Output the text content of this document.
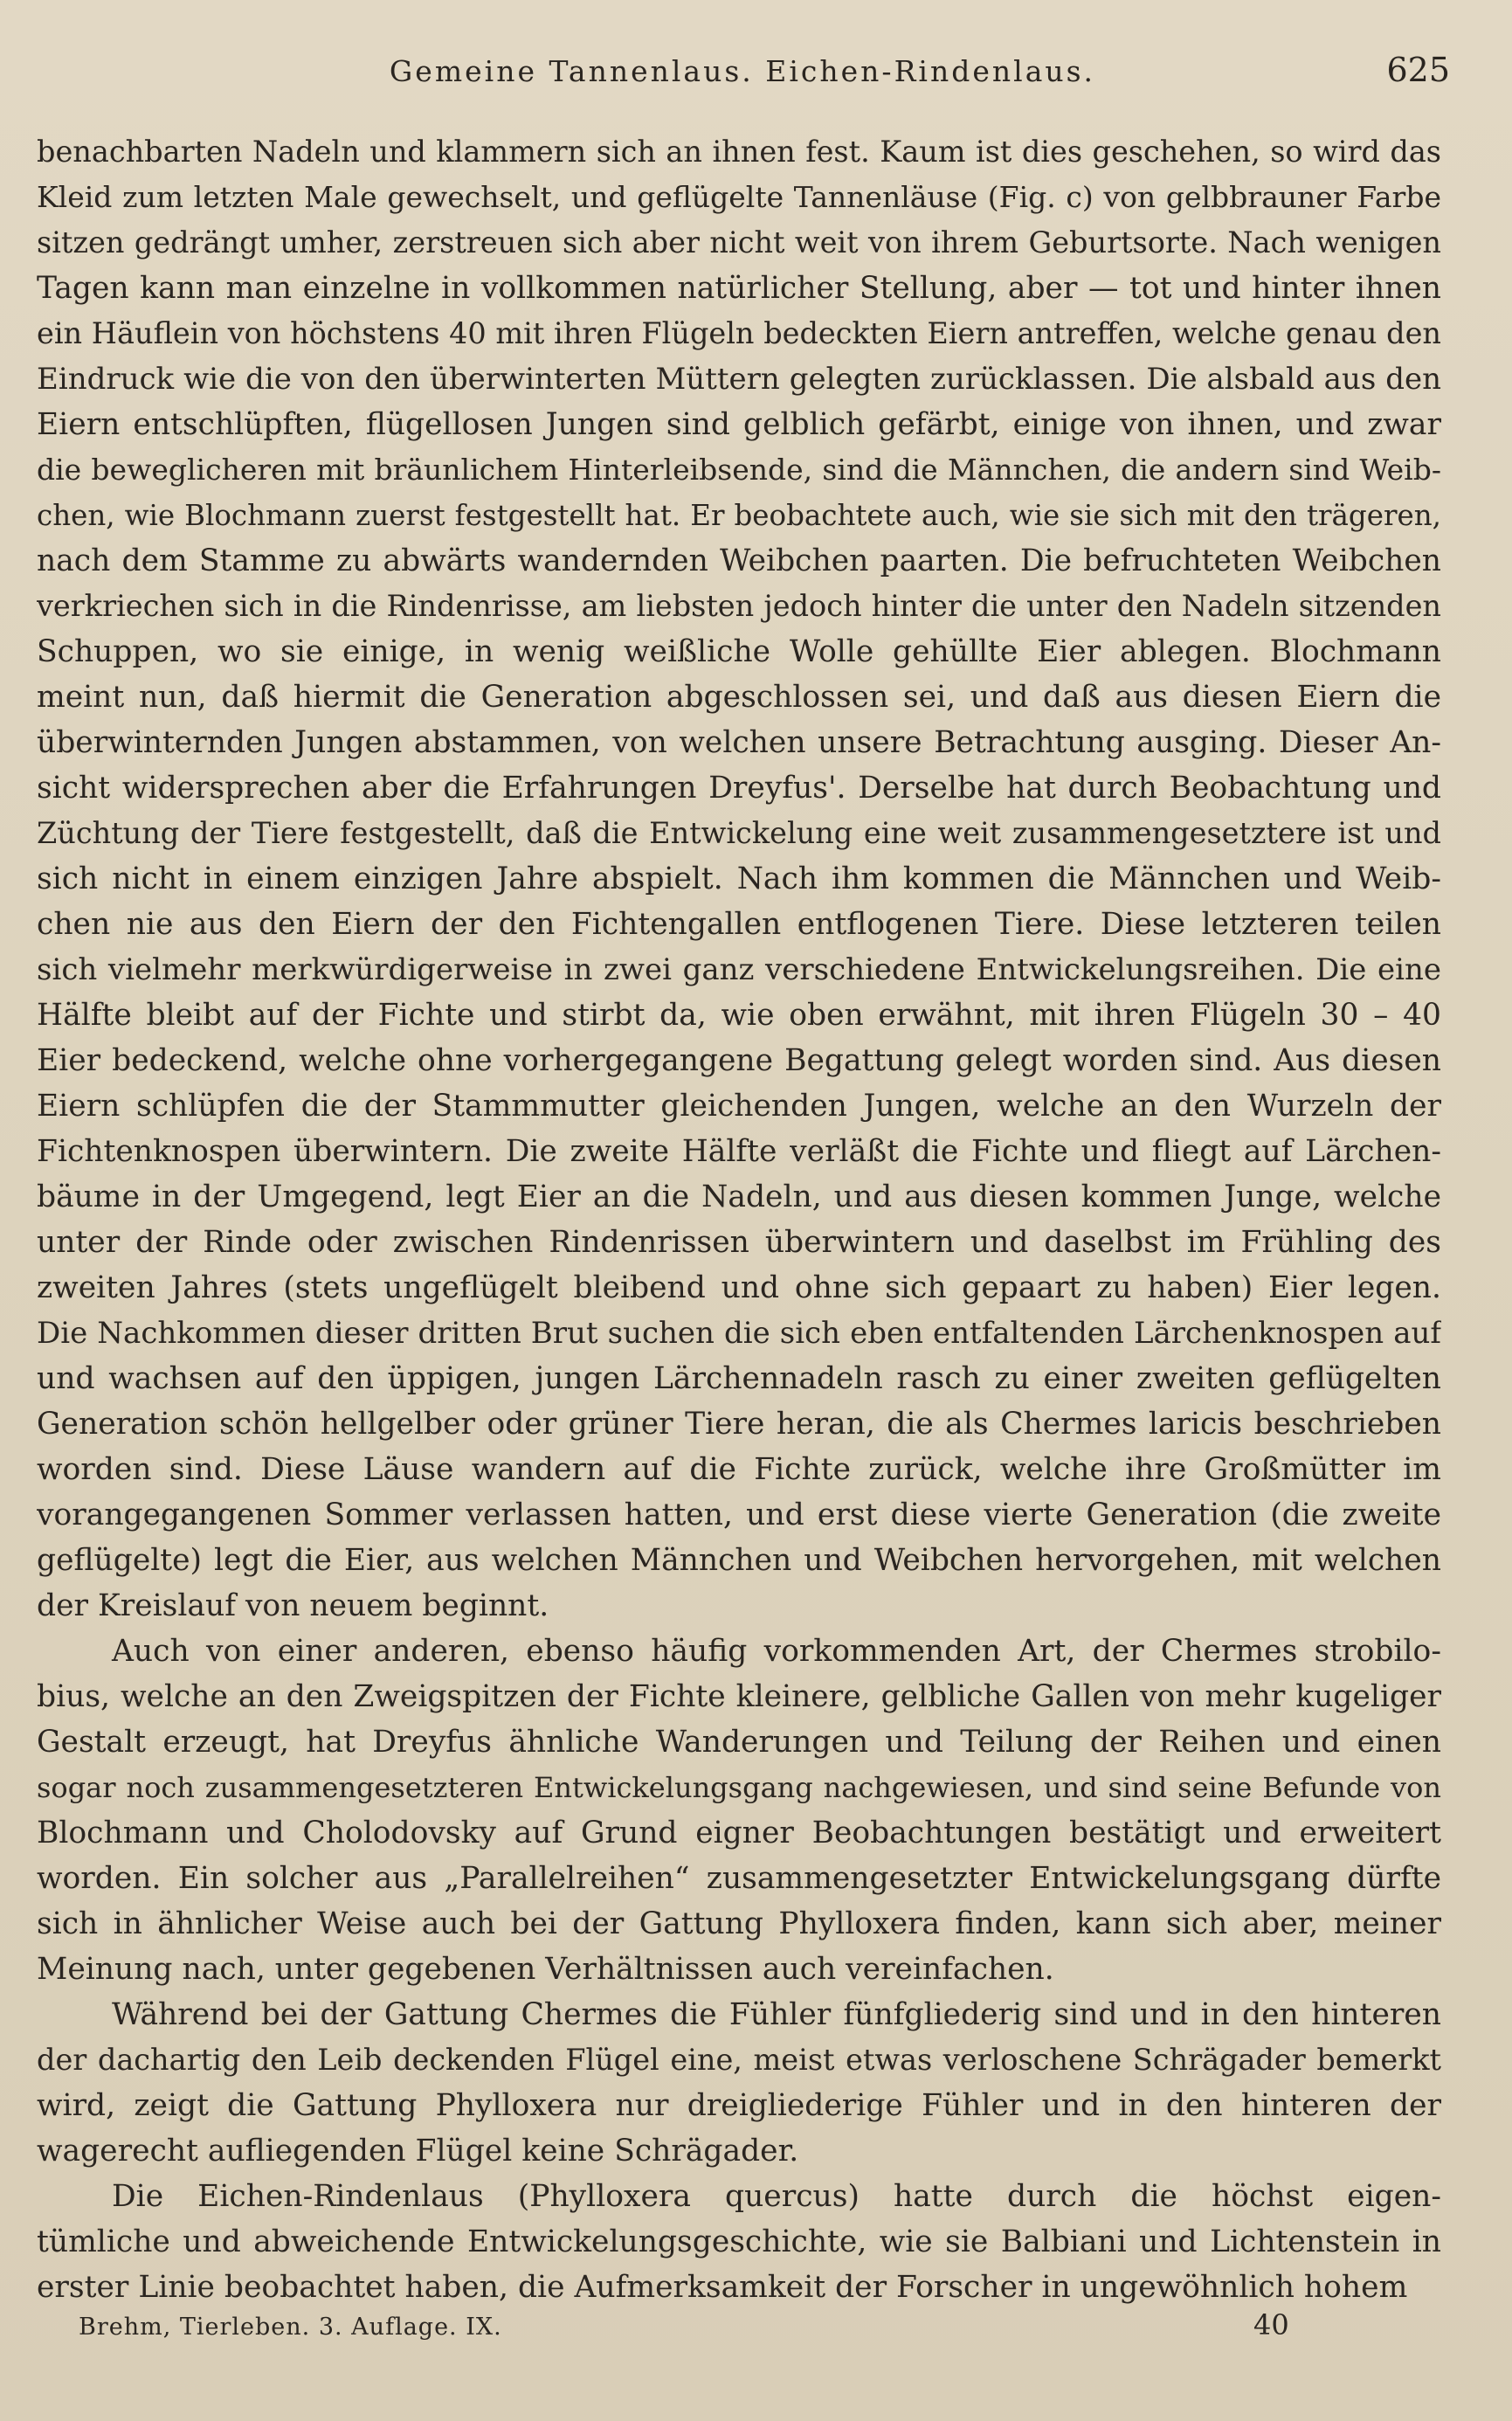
Gemeine Tannenlaus. Eichen-Rindenlaus.	625
benachbarten Nadeln und klammern sich an ihnen fest. Kaum ist dies geschehen, so wird das
Kleid zum letzten Male gewechselt, und geflügelte Tannenläuse (Fig. c) von gelbbrauner Farbe
sitzen gedrängt umher, zerstreuen sich aber nicht weit von ihrem Geburtsorte. Nach wenigen
Tagen kann man einzelne in vollkommen natürlicher Stellung, aber — tot und hinter ihnen
ein Häuflein von höchstens 40 mit ihren Flügeln bedeckten Eiern antreffen, welche genau den
Eindruck wie die von den überwinterten Müttern gelegten zurücklassen. Die alsbald aus den
Eiern entschlüpften, flügellosen Jungen sind gelblich gefärbt, einige von ihnen, und zwar
die beweglicheren mit bräunlichem Hinterleibsende, sind die Männchen, die andern sind Weib-
chen, wie Blochmann zuerst festgestellt hat. Er beobachtete auch, wie sie sich mit den trägeren,
nach dem Stamme zu abwärts wandernden Weibchen paarten. Die befruchteten Weibchen
verkriechen sich in die Rindenrisse, am liebsten jedoch hinter die unter den Nadeln sitzenden
Schuppen, wo sie einige, in wenig weißliche Wolle gehüllte Eier ablegen. Blochmann
meint nun, daß hiermit die Generation abgeschlossen sei, und daß aus diesen Eiern die
überwinternden Jungen abstammen, von welchen unsere Betrachtung ausging. Dieser An-
sicht widersprechen aber die Erfahrungen Dreyfus'. Derselbe hat durch Beobachtung und
Züchtung der Tiere festgestellt, daß die Entwickelung eine weit zusammengesetztere ist und
sich nicht in einem einzigen Jahre abspielt. Nach ihm kommen die Männchen und Weib-
chen nie aus den Eiern der den Fichtengallen entflogenen Tiere. Diese letzteren teilen
sich vielmehr merkwürdigerweise in zwei ganz verschiedene Entwickelungsreihen. Die eine
Hälfte bleibt auf der Fichte und stirbt da, wie oben erwähnt, mit ihren Flügeln 30 – 40
Eier bedeckend, welche ohne vorhergegangene Begattung gelegt worden sind. Aus diesen
Eiern schlüpfen die der Stammmutter gleichenden Jungen, welche an den Wurzeln der
Fichtenknospen überwintern. Die zweite Hälfte verläßt die Fichte und fliegt auf Lärchen-
bäume in der Umgegend, legt Eier an die Nadeln, und aus diesen kommen Junge, welche
unter der Rinde oder zwischen Rindenrissen überwintern und daselbst im Frühling des
zweiten Jahres (stets ungeflügelt bleibend und ohne sich gepaart zu haben) Eier legen.
Die Nachkommen dieser dritten Brut suchen die sich eben entfaltenden Lärchenknospen auf
und wachsen auf den üppigen, jungen Lärchennadeln rasch zu einer zweiten geflügelten
Generation schön hellgelber oder grüner Tiere heran, die als Chermes laricis beschrieben
worden sind. Diese Läuse wandern auf die Fichte zurück, welche ihre Großmütter im
vorangegangenen Sommer verlassen hatten, und erst diese vierte Generation (die zweite
geflügelte) legt die Eier, aus welchen Männchen und Weibchen hervorgehen, mit welchen
der Kreislauf von neuem beginnt.
Auch von einer anderen, ebenso häufig vorkommenden Art, der Chermes strobilo-
bius, welche an den Zweigspitzen der Fichte kleinere, gelbliche Gallen von mehr kugeliger
Gestalt erzeugt, hat Dreyfus ähnliche Wanderungen und Teilung der Reihen und einen
sogar noch zusammengesetzteren Entwickelungsgang nachgewiesen, und sind seine Befunde von
Blochmann und Cholodovsky auf Grund eigner Beobachtungen bestätigt und erweitert
worden. Ein solcher aus „Parallelreihen“ zusammengesetzter Entwickelungsgang dürfte
sich in ähnlicher Weise auch bei der Gattung Phylloxera finden, kann sich aber, meiner
Meinung nach, unter gegebenen Verhältnissen auch vereinfachen.
Während bei der Gattung Chermes die Fühler fünfgliederig sind und in den hinteren
der dachartig den Leib deckenden Flügel eine, meist etwas verloschene Schrägader bemerkt
wird, zeigt die Gattung Phylloxera nur dreigliederige Fühler und in den hinteren der
wagerecht aufliegenden Flügel keine Schrägader.
Die Eichen-Rindenlaus (Phylloxera quercus) hatte durch die höchst eigen-
tümliche und abweichende Entwickelungsgeschichte, wie sie Balbiani und Lichtenstein in
erster Linie beobachtet haben, die Aufmerksamkeit der Forscher in ungewöhnlich hohem
Brehm, Tierleben. 3. Auflage. IX.	40
